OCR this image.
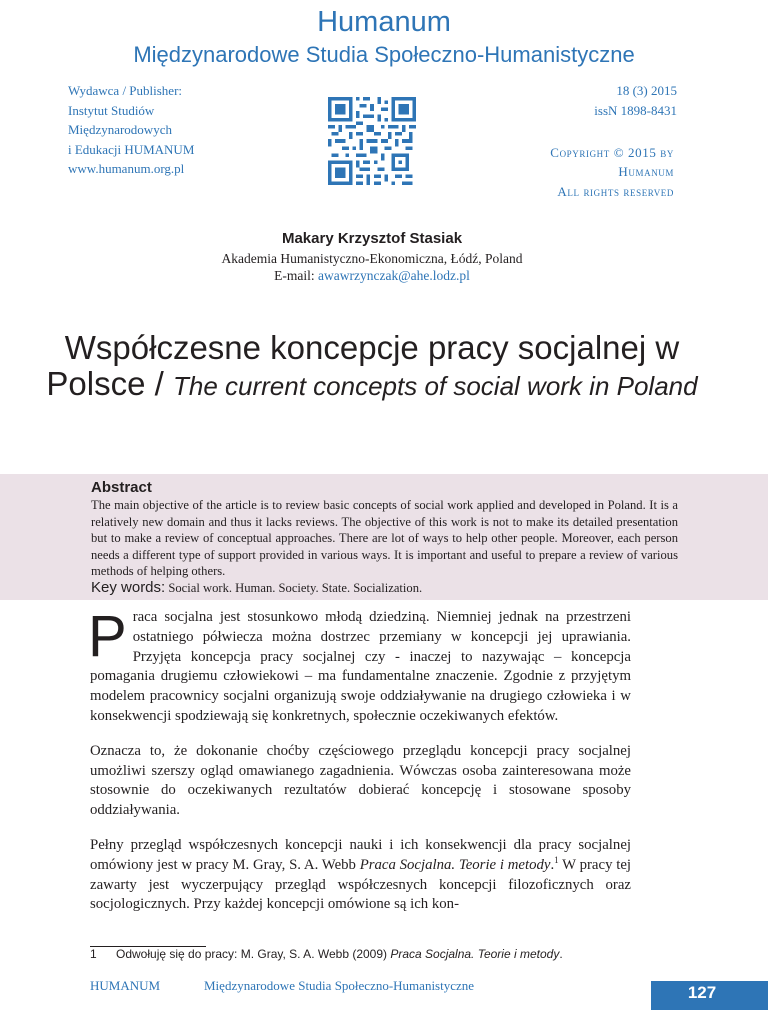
Humanum
Międzynarodowe Studia Społeczno-Humanistyczne
Wydawca / Publisher:
Instytut Studiów
Międzynarodowych
i Edukacji HUMANUM
www.humanum.org.pl
18 (3) 2015
issN 1898-8431
Copyright © 2015 by
Humanum
All rights reserved
Makary Krzysztof Stasiak
Akademia Humanistyczno-Ekonomiczna, Łódź, Poland
E-mail: awawrzynczak@ahe.lodz.pl
Współczesne koncepcje pracy socjalnej w Polsce / The current concepts of social work in Poland
Abstract
The main objective of the article is to review basic concepts of social work applied and developed in Poland. It is a relatively new domain and thus it lacks reviews. The objective of this work is not to make its detailed presentation but to make a review of conceptual approaches. There are lot of ways to help other people. Moreover, each person needs a different type of support provided in various ways. It is important and useful to prepare a review of various methods of helping others.
Key words: Social work. Human. Society. State. Socialization.

Praca socjalna jest stosunkowo młodą dziedziną. Niemniej jednak na przestrzeni ostatniego półwiecza można dostrzec przemiany w koncepcji jej uprawiania. Przyjęta koncepcja pracy socjalnej czy - inaczej to nazywając – koncepcja pomagania drugiemu człowiekowi – ma fundamentalne znaczenie. Zgodnie z przyjętym modelem pracownicy socjalni organizują swoje oddziaływanie na drugiego człowieka i w konsekwencji spodziewają się konkretnych, społecznie oczekiwanych efektów.

Oznacza to, że dokonanie choćby częściowego przeglądu koncepcji pracy socjalnej umożliwi szerszy ogląd omawianego zagadnienia. Wówczas osoba zainteresowana może stosownie do oczekiwanych rezultatów dobierać koncepcję i stosowane sposoby oddziaływania.

Pełny przegląd współczesnych koncepcji nauki i ich konsekwencji dla pracy socjalnej omówiony jest w pracy M. Gray, S. A. Webb Praca Socjalna. Teorie i metody.$^1$ W pracy tej zawarty jest wyczerpujący przegląd współczesnych koncepcji filozoficznych oraz socjologicznych. Przy każdej koncepcji omówione są ich kon-

1 Odwołuję się do pracy: M. Gray, S. A. Webb (2009) Praca Socjalna. Teorie i metody.
HUMANUM	Międzynarodowe Studia Społeczno-Humanistyczne	127
